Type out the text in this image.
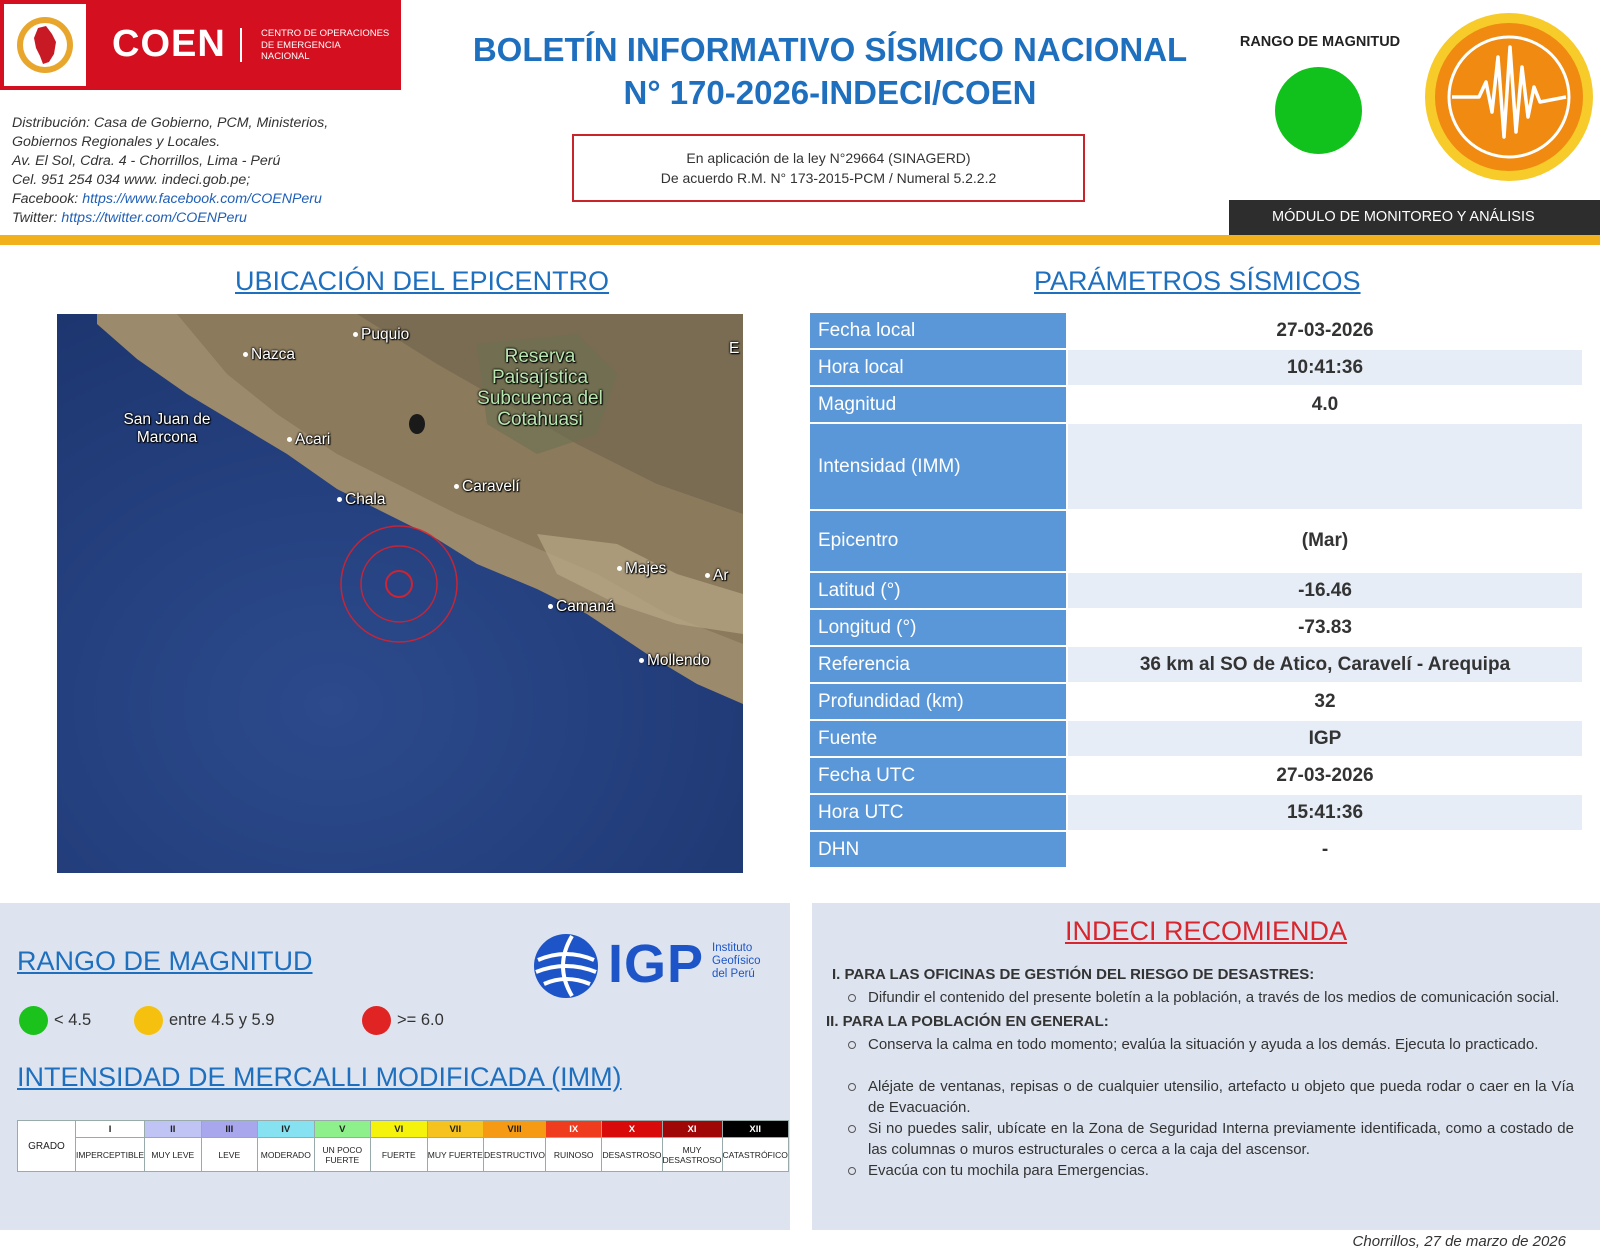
COEN	CENTRO DE OPERACIONES DE EMERGENCIA NACIONAL
Distribución: Casa de Gobierno, PCM, Ministerios,
Gobiernos Regionales y Locales.
Av. El Sol, Cdra. 4 - Chorrillos, Lima - Perú
Cel. 951 254 034 www. indeci.gob.pe;
Facebook: https://www.facebook.com/COENPeru
Twitter: https://twitter.com/COENPeru
BOLETÍN INFORMATIVO SÍSMICO NACIONAL
N° 170-2026-INDECI/COEN
En aplicación de la ley N°29664 (SINAGERD)
De acuerdo R.M. N° 173-2015-PCM / Numeral 5.2.2.2
RANGO DE MAGNITUD
MÓDULO DE MONITOREO Y ANÁLISIS
UBICACIÓN DEL EPICENTRO
Nazca
Puquio
Reserva Paisajística Subcuenca del Cotahuasi
San Juan de Marcona	Acari
Chala
Caravelí
Majes	Ar
Camaná
Mollendo
E
PARÁMETROS SÍSMICOS
Fecha local	27-03-2026
Hora local	10:41:36
Magnitud	4.0
Intensidad (IMM)
Epicentro	(Mar)
Latitud (°)	-16.46
Longitud (°)	-73.83
Referencia	36 km al SO de Atico, Caravelí - Arequipa
Profundidad (km)	32
Fuente	IGP
Fecha UTC	27-03-2026
Hora UTC	15:41:36
DHN	-
RANGO DE MAGNITUD	IGP Instituto
Geofísico
del Perú
< 4.5	entre 4.5 y 5.9	>= 6.0
INTENSIDAD DE MERCALLI MODIFICADA (IMM)
GRADO	I	II	III	IV	V	VI	VII	VIII	IX	X	XI	XII
	IMPERCEPTIBLE	MUY LEVE	LEVE	MODERADO	UN POCO FUERTE	FUERTE	MUY FUERTE	DESTRUCTIVO	RUINOSO	DESASTROSO	MUY DESASTROSO	CATASTRÓFICO
INDECI RECOMIENDA
I. PARA LAS OFICINAS DE GESTIÓN DEL RIESGO DE DESASTRES:
Difundir el contenido del presente boletín a la población, a través de los medios de comunicación social.
II. PARA LA POBLACIÓN EN GENERAL:
Conserva la calma en todo momento; evalúa la situación y ayuda a los demás. Ejecuta lo practicado.
Aléjate de ventanas, repisas o de cualquier utensilio, artefacto u objeto que pueda rodar o caer en la Vía de Evacuación.
Si no puedes salir, ubícate en la Zona de Seguridad Interna previamente identificada, como a costado de las columnas o muros estructurales o cerca a la caja del ascensor.
Evacúa con tu mochila para Emergencias.
Chorrillos, 27 de marzo de 2026
